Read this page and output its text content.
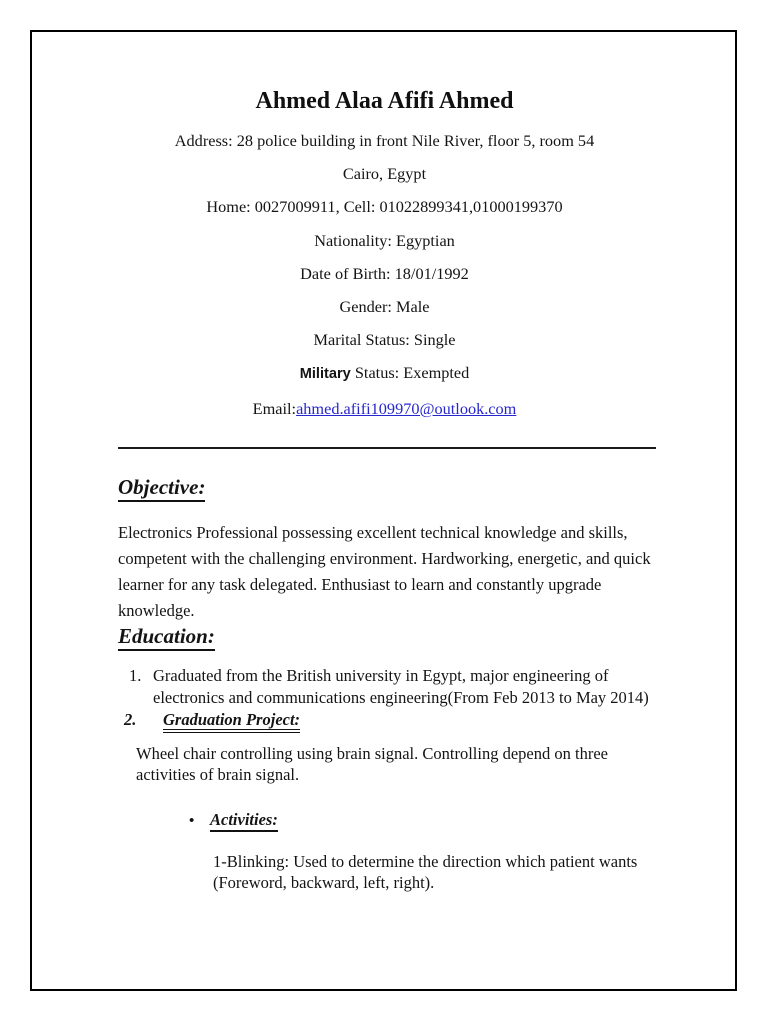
Ahmed Alaa Afifi Ahmed

Address: 28 police building in front Nile River, floor 5, room 54

Cairo, Egypt

Home: 0027009911, Cell: 01022899341,01000199370

Nationality: Egyptian

Date of Birth: 18/01/1992

Gender: Male

Marital Status: Single

Military Status: Exempted

Email:ahmed.afifi109970@outlook.com

Objective:

Electronics Professional possessing excellent technical knowledge and skills, competent with the challenging environment. Hardworking, energetic, and quick learner for any task delegated. Enthusiast to learn and constantly upgrade knowledge.

Education:
1. Graduated from the British university in Egypt, major engineering of electronics and communications engineering(From Feb 2013 to May 2014)
2.	Graduation Project:

Wheel chair controlling using brain signal. Controlling depend on three activities of brain signal.

• Activities:

1-Blinking: Used to determine the direction which patient wants (Foreword, backward, left, right).
